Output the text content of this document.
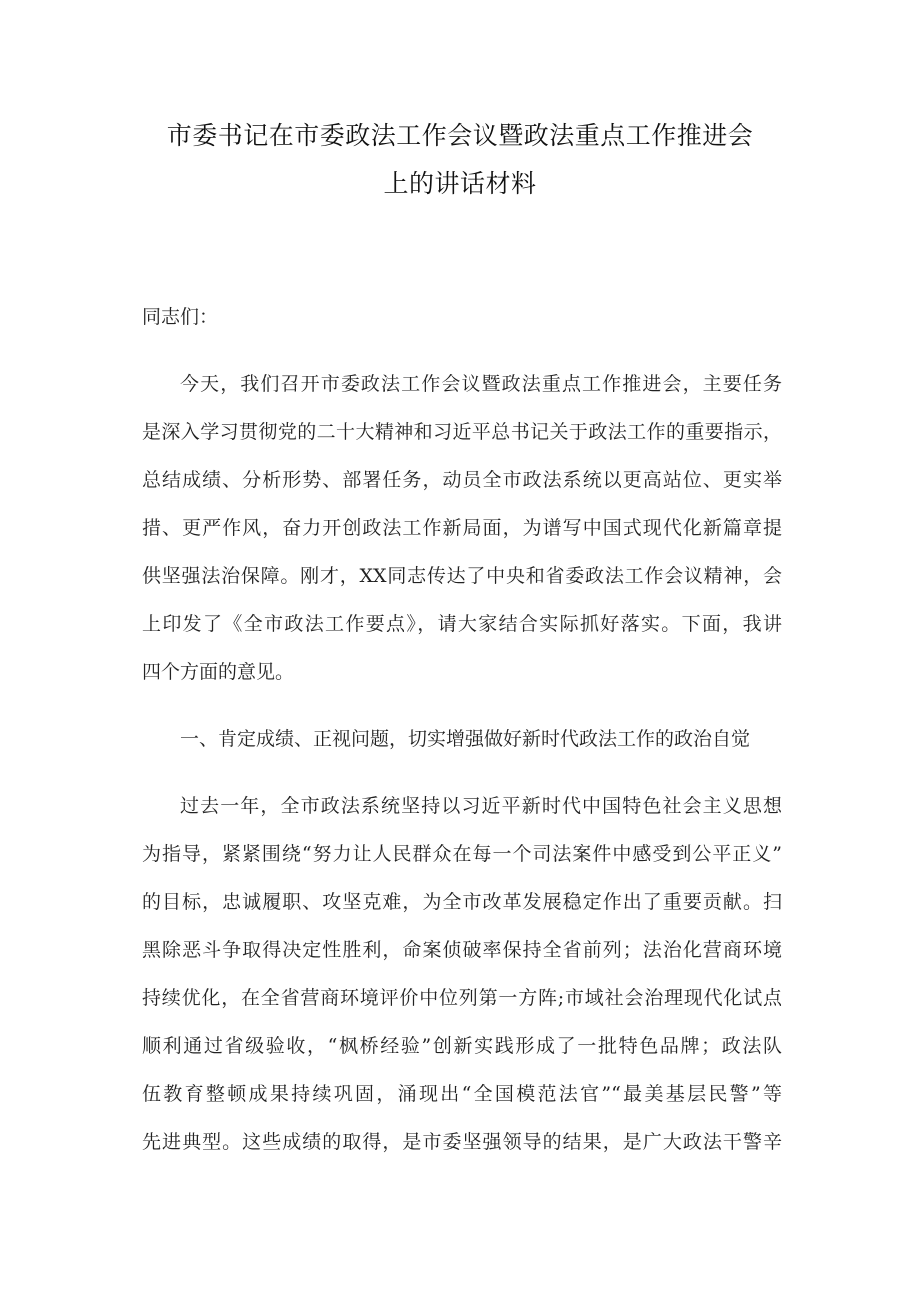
市委书记在市委政法工作会议暨政法重点工作推进会
上的讲话材料
同志们：
今天，我们召开市委政法工作会议暨政法重点工作推进会，主要任务
是深入学习贯彻党的二十大精神和习近平总书记关于政法工作的重要指示，
总结成绩、分析形势、部署任务，动员全市政法系统以更高站位、更实举
措、更严作风，奋力开创政法工作新局面，为谱写中国式现代化新篇章提
供坚强法治保障。刚才，XX同志传达了中央和省委政法工作会议精神，会
上印发了《全市政法工作要点》，请大家结合实际抓好落实。下面，我讲
四个方面的意见。
一、肯定成绩、正视问题，切实增强做好新时代政法工作的政治自觉
过去一年，全市政法系统坚持以习近平新时代中国特色社会主义思想
为指导，紧紧围绕“努力让人民群众在每一个司法案件中感受到公平正义”
的目标，忠诚履职、攻坚克难，为全市改革发展稳定作出了重要贡献。扫
黑除恶斗争取得决定性胜利，命案侦破率保持全省前列；法治化营商环境
持续优化，在全省营商环境评价中位列第一方阵;市域社会治理现代化试点
顺利通过省级验收，“枫桥经验”创新实践形成了一批特色品牌；政法队
伍教育整顿成果持续巩固，涌现出“全国模范法官”“最美基层民警”等
先进典型。这些成绩的取得，是市委坚强领导的结果，是广大政法干警辛
